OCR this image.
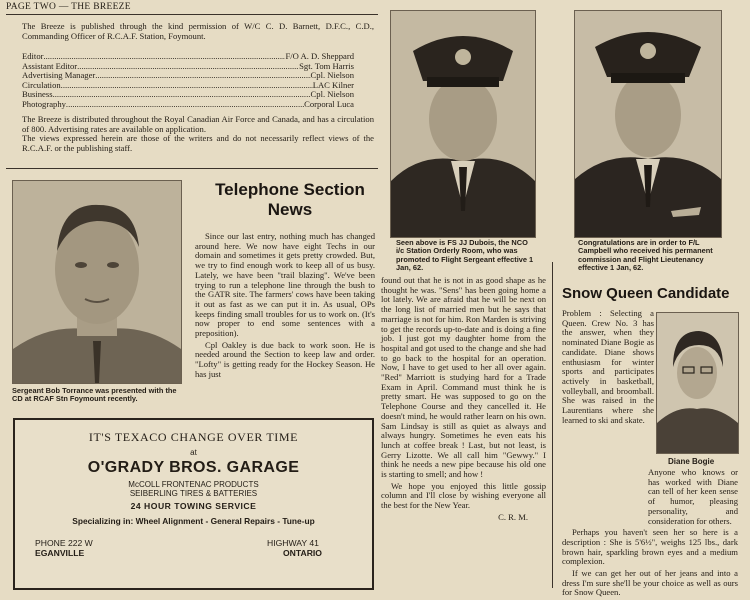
PAGE TWO — THE BREEZE
The Breeze is published through the kind permission of W/C C. D. Barnett, D.F.C., C.D., Commanding Officer of R.C.A.F. Station, Foymount.
Editor .....	F/O A. D. Sheppard
Assistant Editor .....	Sgt. Tom Harris
Advertising Manager .....	Cpl. Nielson
Circulation .....	LAC Kilner
Business .....	Cpl. Nielson
Photography .....	Corporal Luca
The Breeze is distributed throughout the Royal Canadian Air Force and Canada, and has a circulation of 800. Advertising rates are available on application.
The views expressed herein are those of the writers and do not necessarily reflect views of the R.C.A.F. or the publishing staff.
Sergeant Bob Torrance was presented with the CD at RCAF Stn Foymount recently.
Telephone Section
News

Since our last entry, nothing much has changed around here. We now have eight Techs in our domain and sometimes it gets pretty crowded. But, we try to find enough work to keep all of us busy. Lately, we have been "trail blazing". We've been trying to run a telephone line through the bush to the GATR site. The farmers' cows have been taking it out as fast as we can put it in. As usual, OPs keeps finding small troubles for us to work on. (It's now proper to end some sentences with a preposition).

Cpl Oakley is due back to work soon. He is needed around the Section to keep law and order. "Lofty" is getting ready for the Hockey Season. He has just

Seen above is FS JJ Dubois, the NCO i/c Station Orderly Room, who was promoted to Flight Sergeant effective 1 Jan, 62.
Congratulations are in order to F/L Campbell who received his permanent commission and Flight Lieutenancy effective 1 Jan, 62.

found out that he is not in as good shape as he thought he was. "Sens" has been going home a lot lately. We are afraid that he will be next on the long list of married men but he says that marriage is not for him. Ron Marden is striving to get the records up-to-date and is doing a fine job. I just got my daughter home from the hospital and got used to the change and she had to go back to the hospital for an operation. Now, I have to get used to her all over again. "Red" Marriott is studying hard for a Trade Exam in April. Command must think he is pretty smart. He was supposed to go on the Telephone Course and they cancelled it. He doesn't mind, he would rather learn on his own. Sam Lindsay is still as quiet as always and always hungry. Sometimes he even eats his lunch at coffee break ! Last, but not least, is Gerry Lizotte. We all call him "Gewwy." I think he needs a new pipe because his old one is starting to smell; and how !

We hope you enjoyed this little gossip column and I'll close by wishing everyone all the best for the New Year.

C. R. M.
Snow Queen Candidate
Problem : Selecting a Queen. Crew No. 3 has the answer, when they nominated Diane Bogie as candidate. Diane shows enthusiasm for winter sports and participates actively in basketball, volleyball, and broomball. She was raised in the Laurentians where she learned to ski and skate.
Diane Bogie

Anyone who knows or has worked with Diane can tell of her keen sense of humor, pleasing personality, and consideration for others.

Perhaps you haven't seen her so here is a description : She is 5'6½", weighs 125 lbs., dark brown hair, sparkling brown eyes and a medium complexion.

If we can get her out of her jeans and into a dress I'm sure she'll be your choice as well as ours for Snow Queen.

IT'S TEXACO CHANGE OVER TIME
at
O'GRADY BROS. GARAGE
McCOLL FRONTENAC PRODUCTS
SEIBERLING TIRES & BATTERIES
24 HOUR TOWING SERVICE
Specializing in: Wheel Alignment - General Repairs - Tune-up
PHONE 222 W
EGANVILLE
HIGHWAY 41
ONTARIO
